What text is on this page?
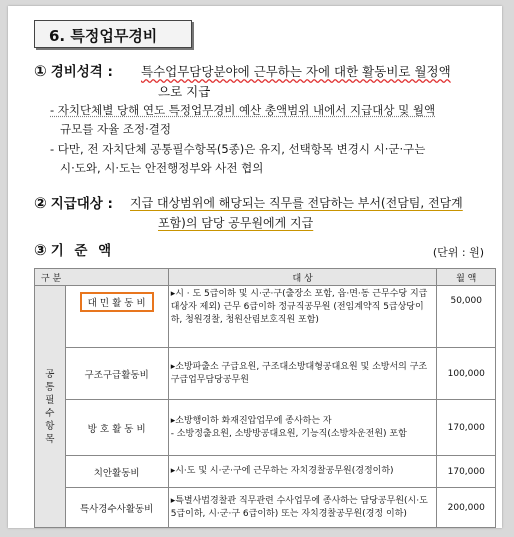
6. 특정업무경비
① 경비성격 : 특수업무담당분야에 근무하는 자에 대한 활동비로 월정액
으로 지급
- 자치단체별 당해 연도 특정업무경비 예산 총액범위 내에서 지급대상 및 월액
규모를 자율 조정·결정
- 다만, 전 자치단체 공통필수항목(5종)은 유지, 선택항목 변경시 시·군·구는
시·도와, 시·도는 안전행정부와 사전 협의
② 지급대상 : 지급 대상범위에 해당되는 직무를 전담하는 부서(전담팀, 전담계
포함)의 담당 공무원에게 지급
③ 기 준 액	(단위 : 원)
구 분		대 상	월 액

공 통 필 수 항 목	대 민 활 동 비	▸시 · 도 5급이하 및 시·군·구(출장소 포함, 읍·면·동 근무수당 지급대상자 제외) 근무 6급이하 정규직공무원 (전임계약직 5급상당이하, 청원경찰, 청원산림보호직원 포함)	50,000
	구조구급활동비	▸소방파출소 구급요원, 구조대소방대형공대요원 및 소방서의 구조구급업무담당공무원	100,000
	방 호 활 동 비	▸소방행이하 화재진압업무에 종사하는 자
- 소방정출요원, 소방방공대요원, 기능직(소방차운전원) 포함	170,000
	치안활동비	▸시·도 및 시·군·구에 근무하는 자치경찰공무원(경정이하)	170,000
	특사경수사활동비	▸특별사법경찰관 직무관련 수사업무에 종사하는 담당공무원(시·도 5급이하, 시·군·구 6급이하) 또는 자치경찰공무원(경정 이하)	200,000
